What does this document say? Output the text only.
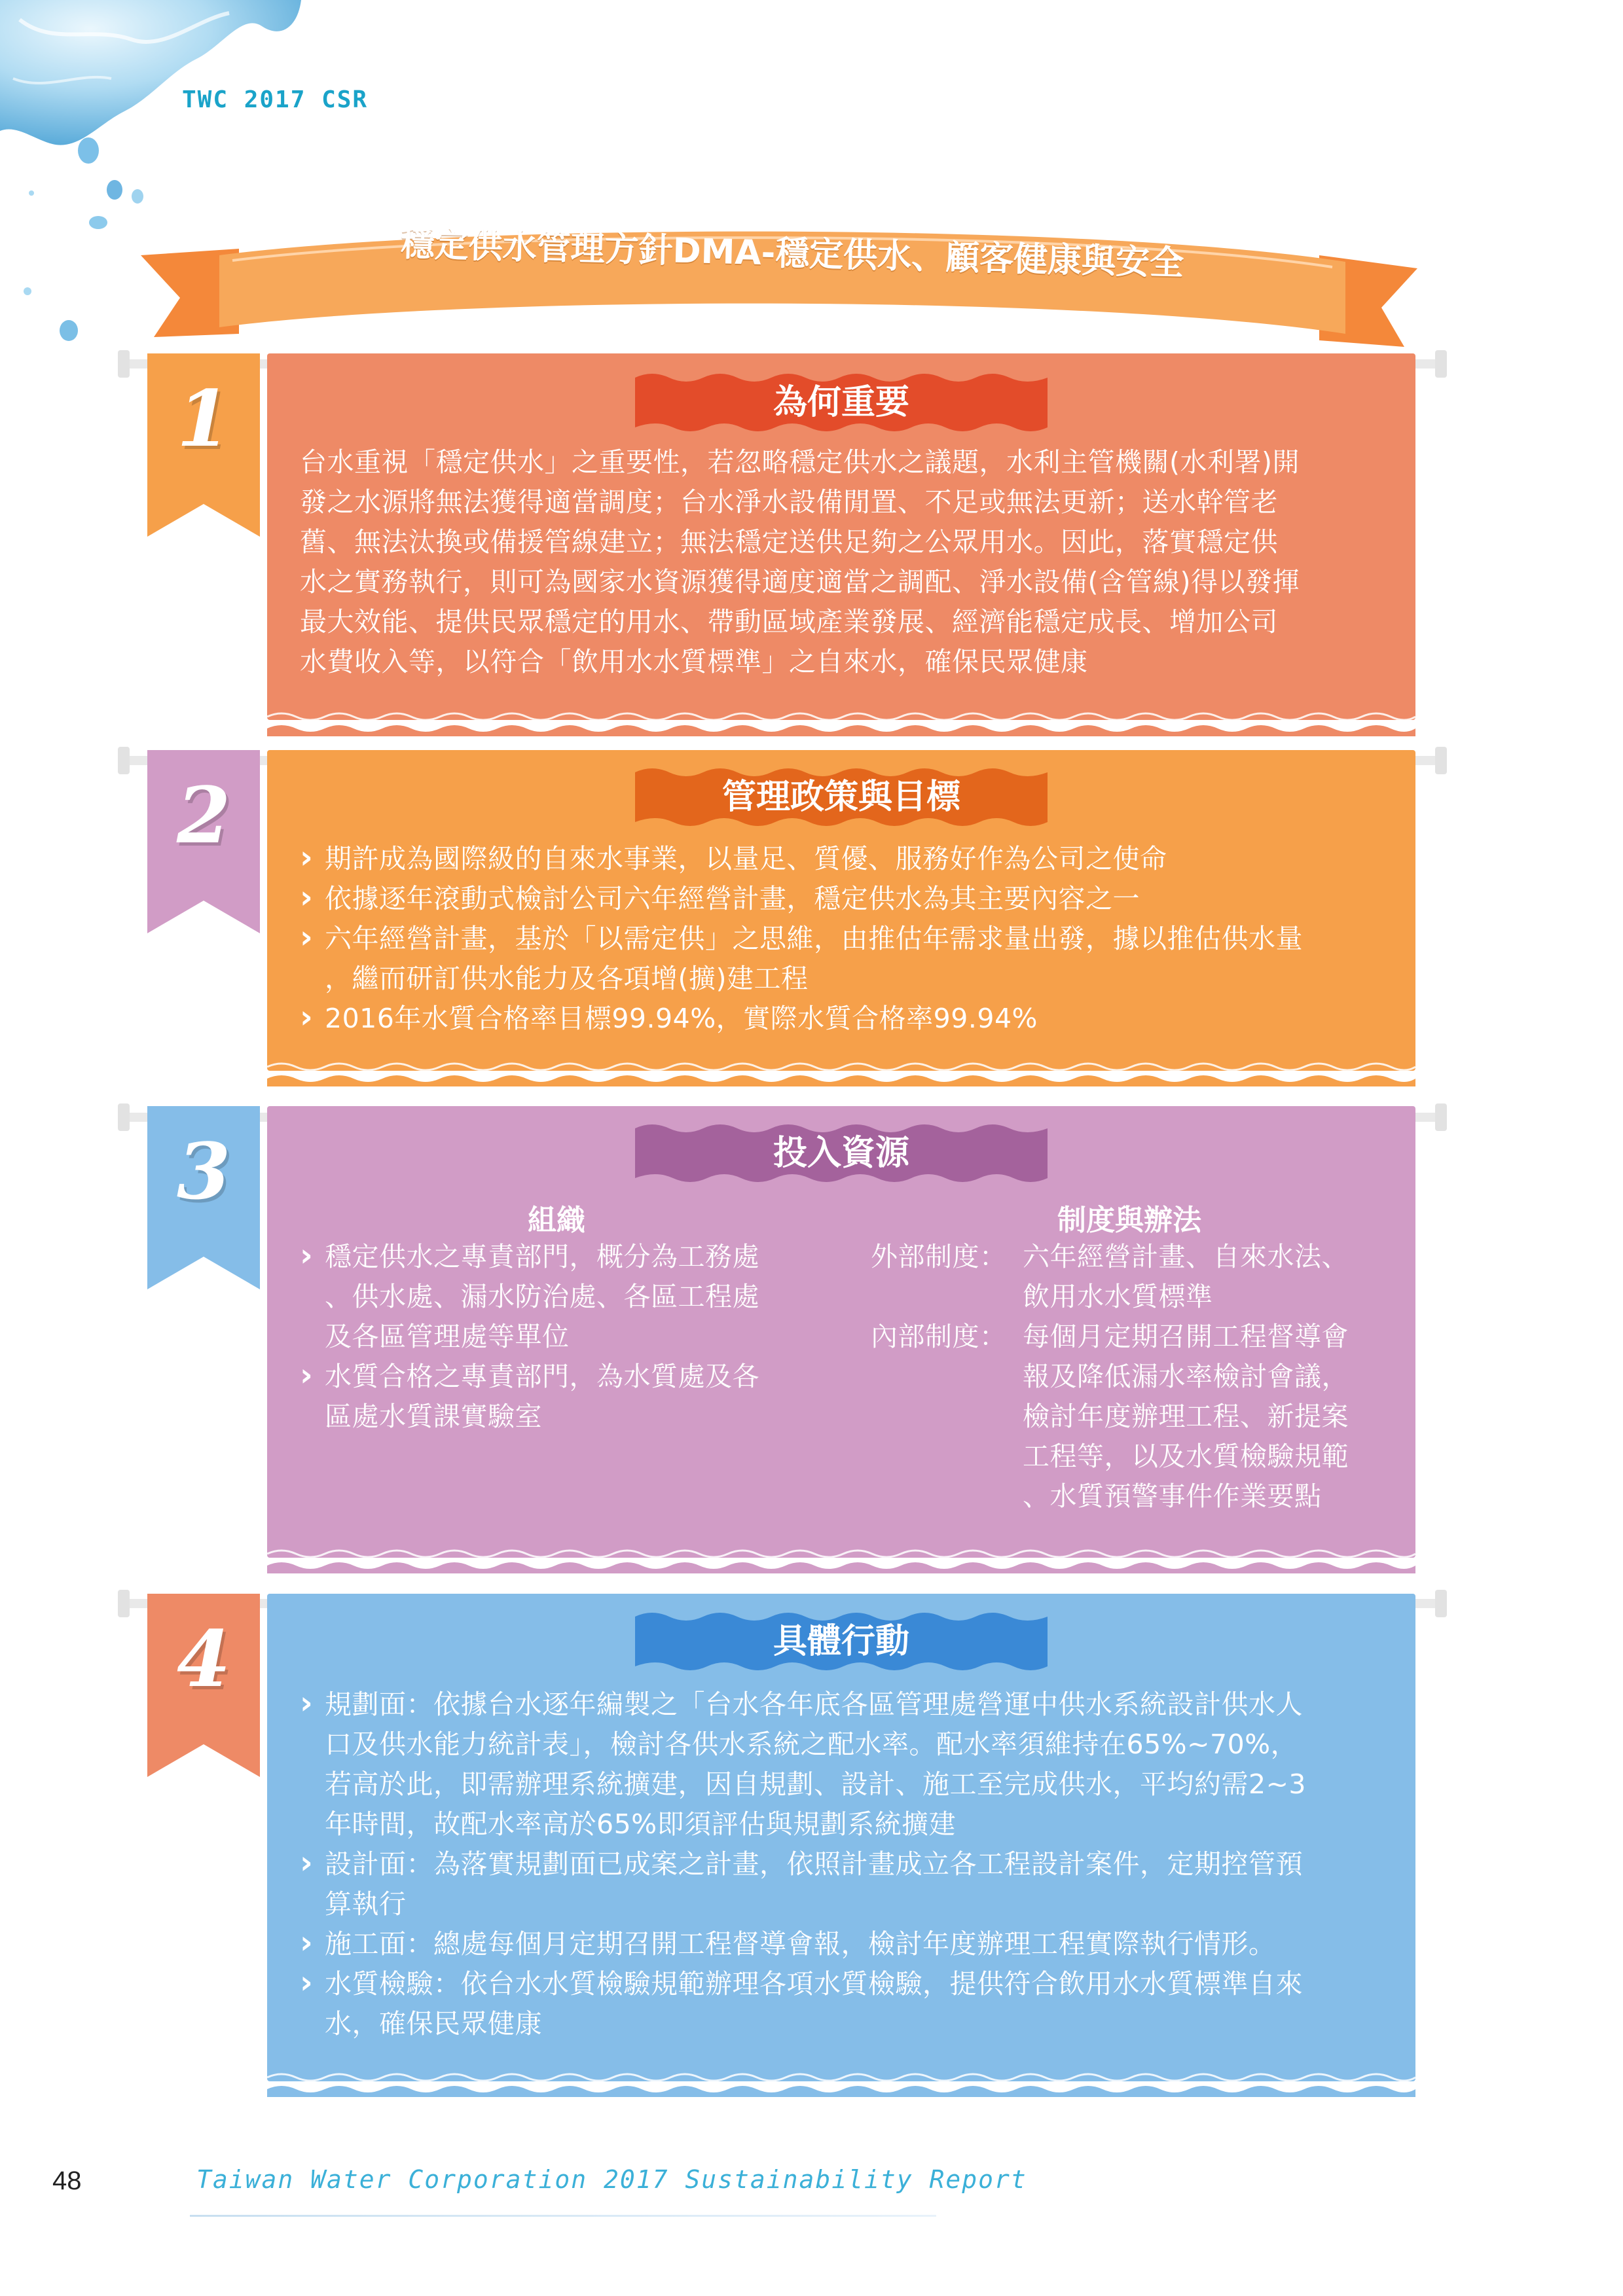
TWC 2017 CSR
穩定供水管理方針DMA-穩定供水、顧客健康與安全
1	為何重要
台水重視「穩定供水」之重要性，若忽略穩定供水之議題，水利主管機關(水利署)開
發之水源將無法獲得適當調度；台水淨水設備閒置、不足或無法更新；送水幹管老
舊、無法汰換或備援管線建立；無法穩定送供足夠之公眾用水。因此，落實穩定供
水之實務執行，則可為國家水資源獲得適度適當之調配、淨水設備(含管線)得以發揮
最大效能、提供民眾穩定的用水、帶動區域產業發展、經濟能穩定成長、增加公司
水費收入等，以符合「飲用水水質標準」之自來水，確保民眾健康
2	管理政策與目標
› 期許成為國際級的自來水事業，以量足、質優、服務好作為公司之使命
› 依據逐年滾動式檢討公司六年經營計畫，穩定供水為其主要內容之一
› 六年經營計畫，基於「以需定供」之思維，由推估年需求量出發，據以推估供水量
，繼而研訂供水能力及各項增(擴)建工程
› 2016年水質合格率目標99.94%，實際水質合格率99.94%
3	投入資源
組織	制度與辦法
› 穩定供水之專責部門，概分為工務處
、供水處、漏水防治處、各區工程處
及各區管理處等單位
› 水質合格之專責部門，為水質處及各
區處水質課實驗室
外部制度： 六年經營計畫、自來水法、
飲用水水質標準
內部制度： 每個月定期召開工程督導會
報及降低漏水率檢討會議，
檢討年度辦理工程、新提案
工程等，以及水質檢驗規範
、水質預警事件作業要點
4	具體行動
› 規劃面：依據台水逐年編製之「台水各年底各區管理處營運中供水系統設計供水人
口及供水能力統計表」，檢討各供水系統之配水率。配水率須維持在65%~70%，
若高於此，即需辦理系統擴建，因自規劃、設計、施工至完成供水，平均約需2~3
年時間，故配水率高於65%即須評估與規劃系統擴建
› 設計面：為落實規劃面已成案之計畫，依照計畫成立各工程設計案件，定期控管預
算執行
› 施工面：總處每個月定期召開工程督導會報，檢討年度辦理工程實際執行情形。
› 水質檢驗：依台水水質檢驗規範辦理各項水質檢驗，提供符合飲用水水質標準自來
水，確保民眾健康
48	Taiwan Water Corporation 2017 Sustainability Report
